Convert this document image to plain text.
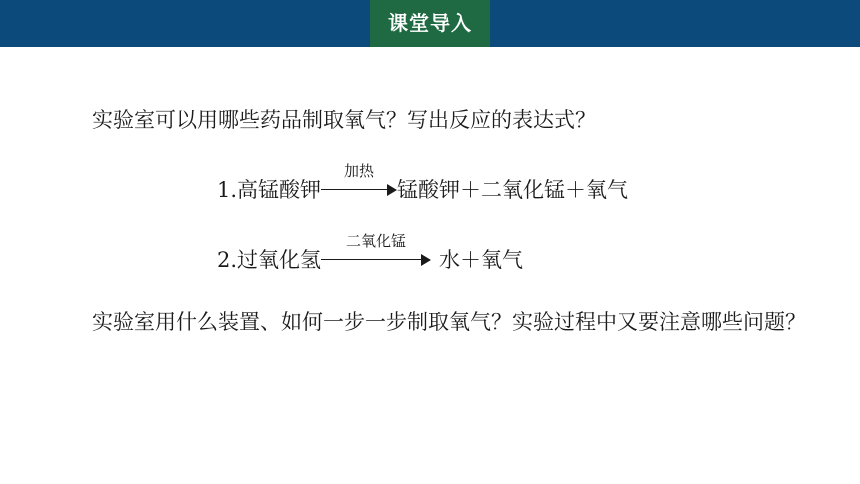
课堂导入

实验室可以用哪些药品制取氧气？写出反应的表达式？

1.高锰酸钾
加热
锰酸钾＋二氧化锰＋氧气
2.过氧化氢
二氧化锰
水＋氧气

实验室用什么装置、如何一步一步制取氧气？实验过程中又要注意哪些问题？
